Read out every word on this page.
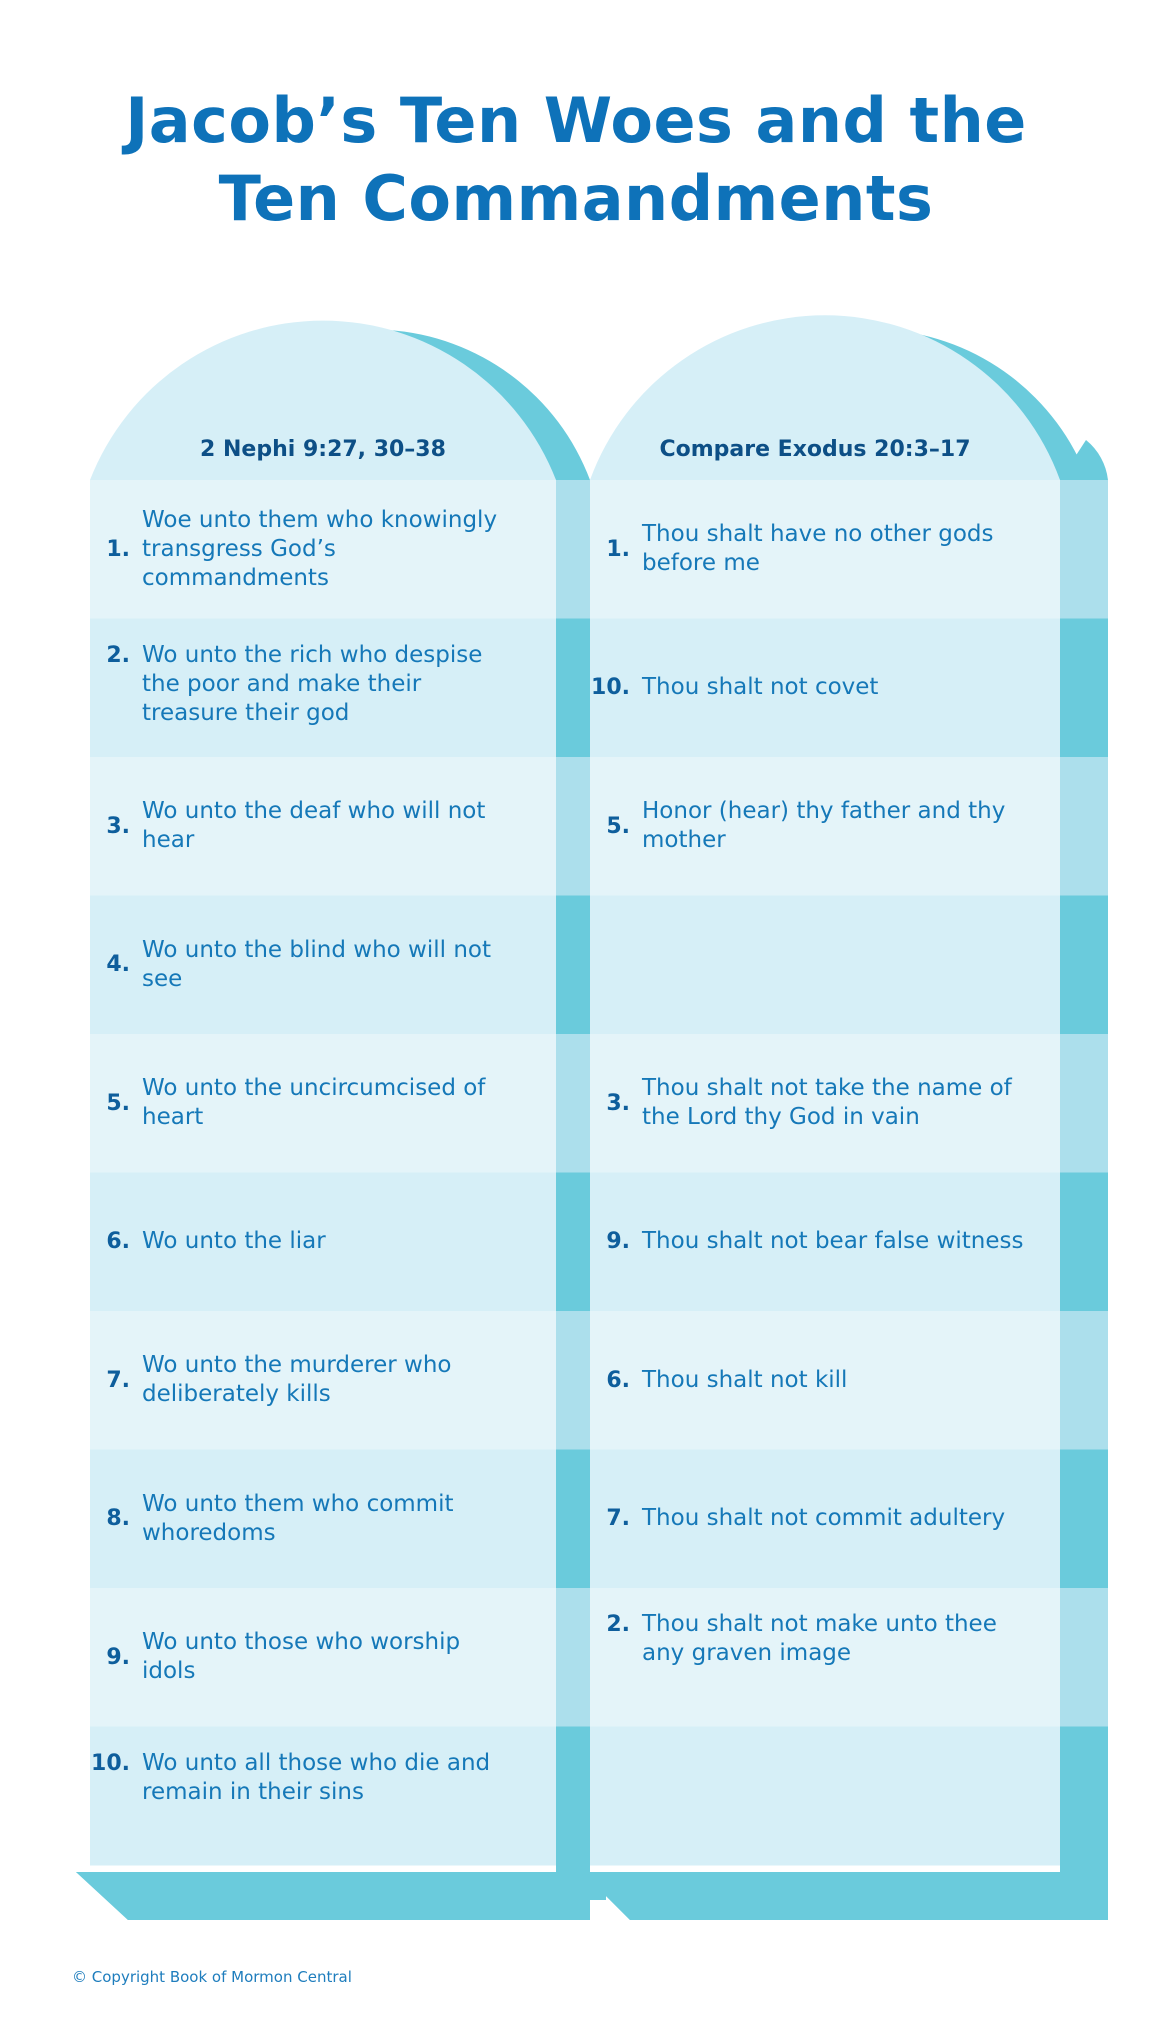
Jacob’s Ten Woes and the
Ten Commandments
2 Nephi 9:27, 30–38	Compare Exodus 20:3–17
1.
Woe unto them who knowingly transgress God’s commandments
1.
Thou shalt have no other gods before me
2. Wo unto the rich who despise the poor and make their treasure their god
10. Thou shalt not covet
3.
Wo unto the deaf who will not hear
5.
Honor (hear) thy father and thy mother
4.
Wo unto the blind who will not see
5.
Wo unto the uncircumcised of heart
3.
Thou shalt not take the name of the Lord thy God in vain
6. Wo unto the liar	9. Thou shalt not bear false witness
7.
Wo unto the murderer who deliberately kills
6. Thou shalt not kill
8.
Wo unto them who commit whoredoms
7. Thou shalt not commit adultery
9.
Wo unto those who worship idols
2. Thou shalt not make unto thee any graven image
10. Wo unto all those who die and remain in their sins
© Copyright Book of Mormon Central
